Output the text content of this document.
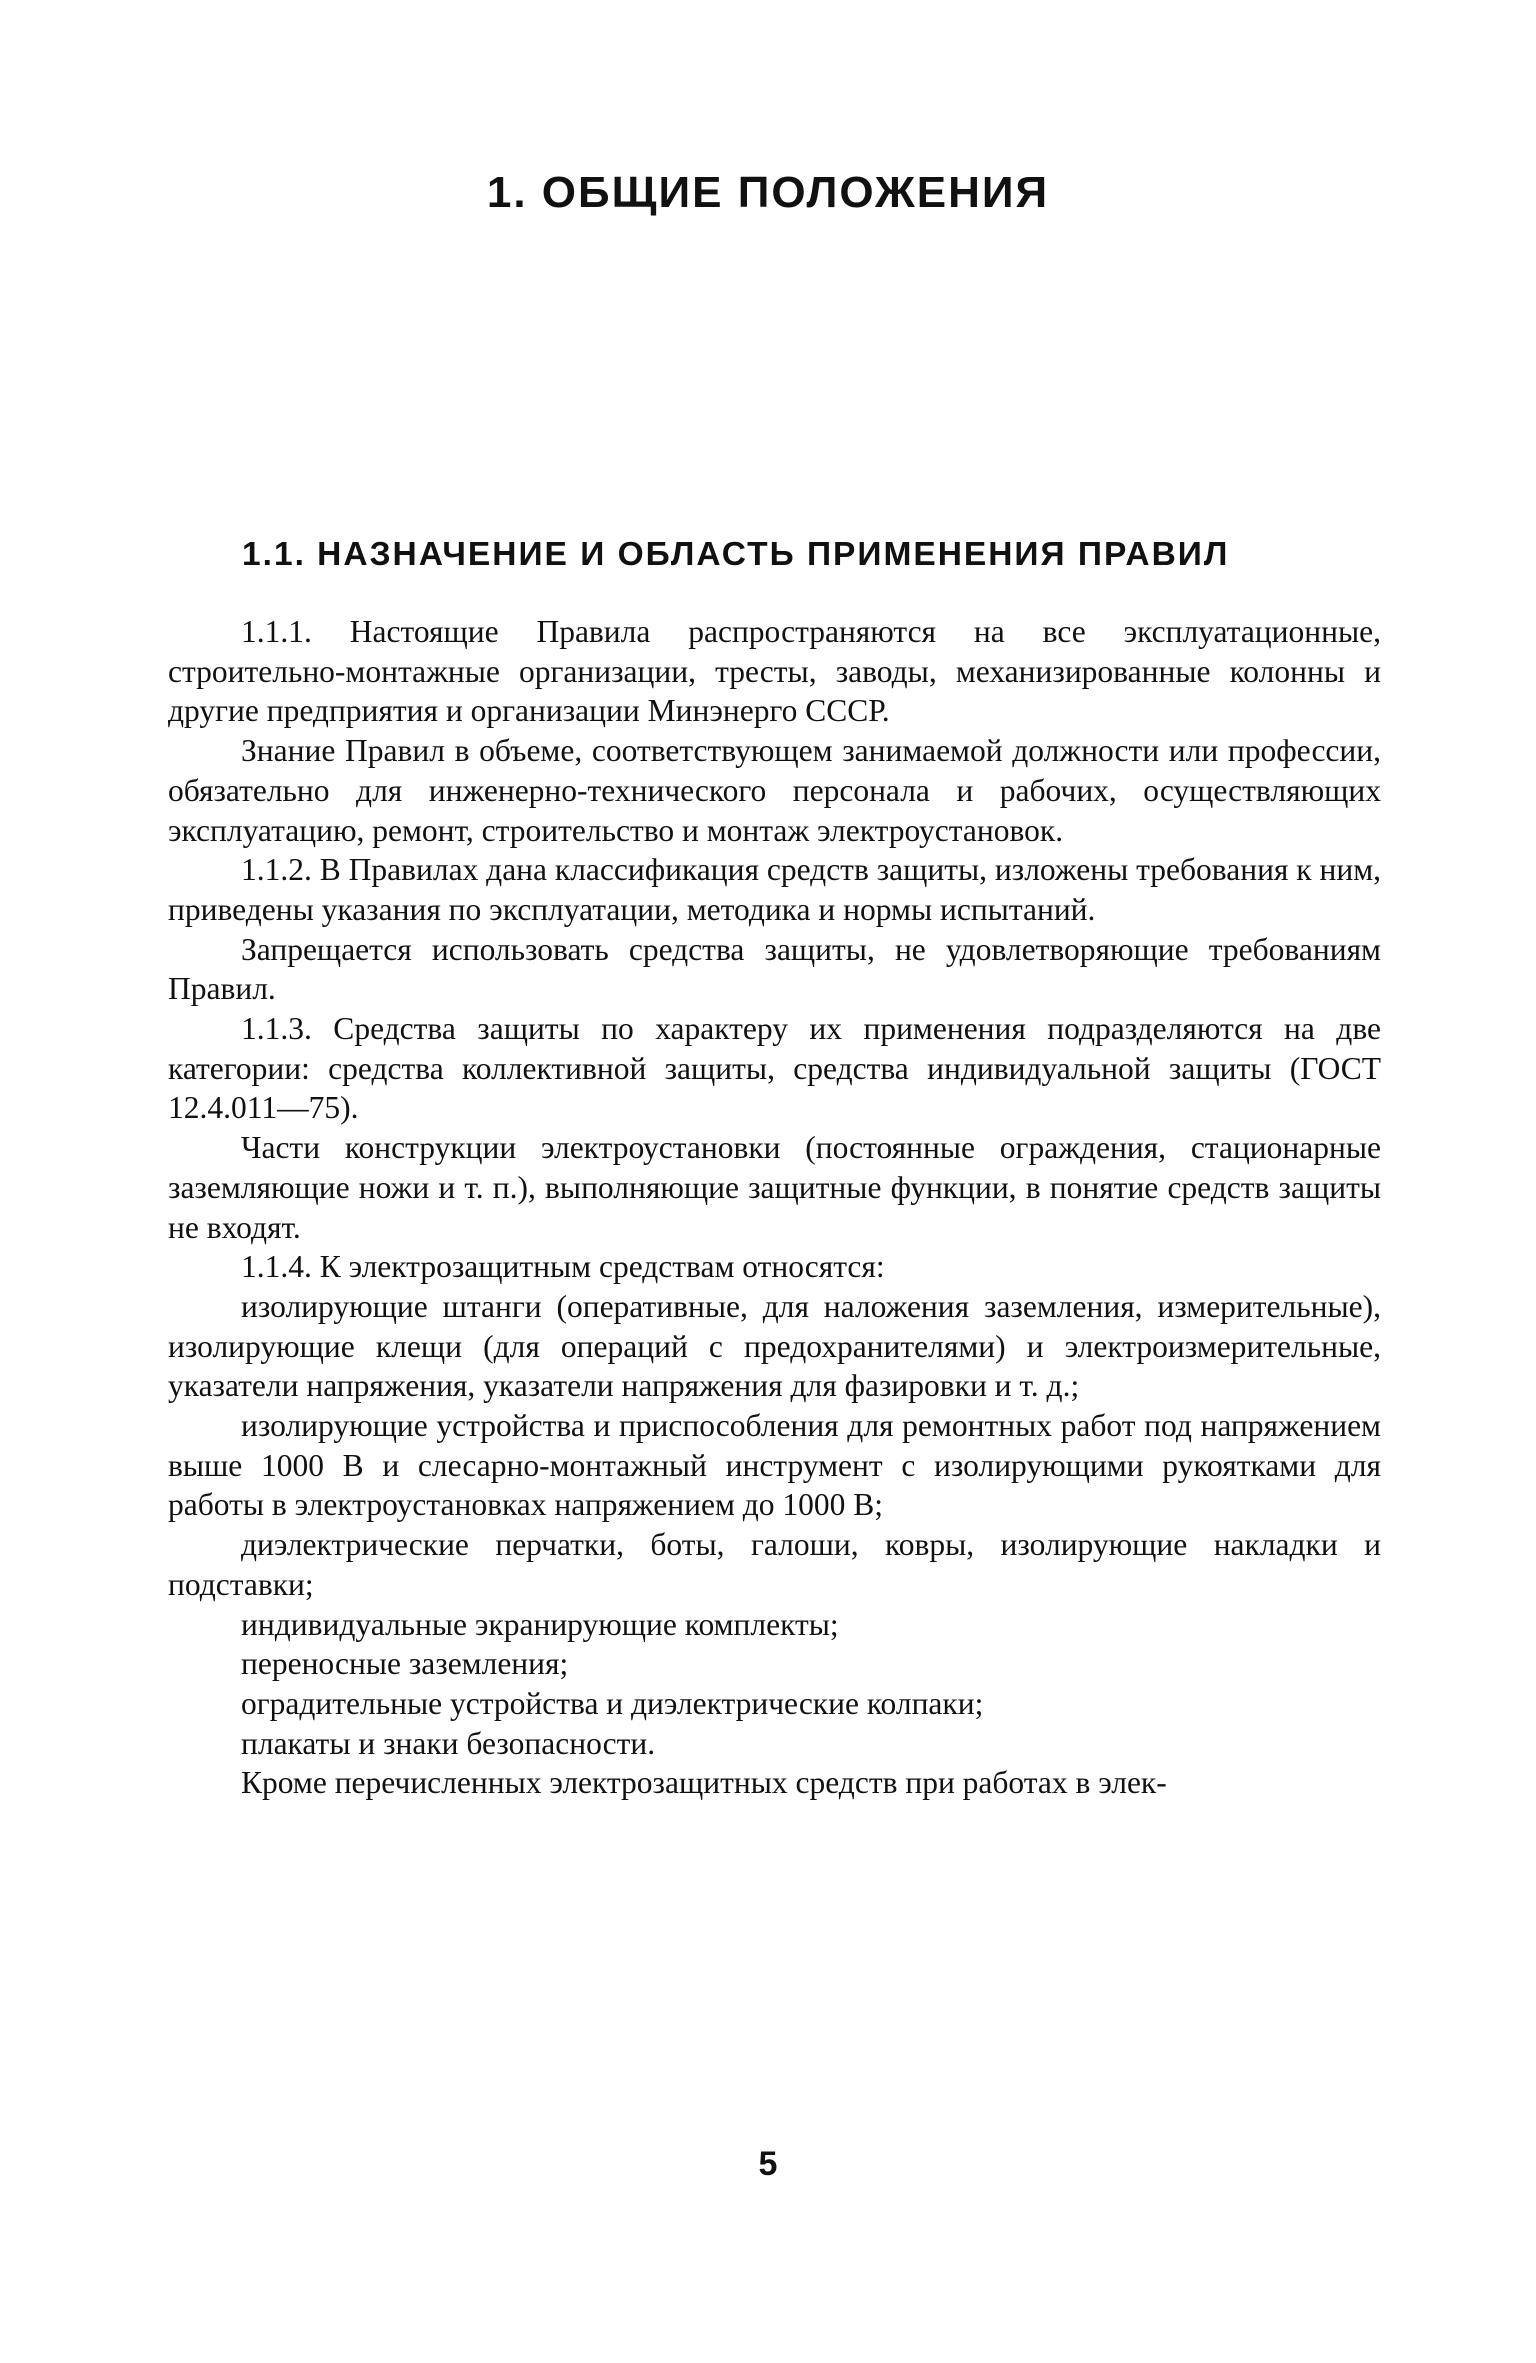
1. ОБЩИЕ ПОЛОЖЕНИЯ
1.1. НАЗНАЧЕНИЕ И ОБЛАСТЬ ПРИМЕНЕНИЯ ПРАВИЛ

1.1.1. Настоящие Правила распространяются на все эксплуатационные, строительно-монтажные организации, тресты, заводы, механизированные колонны и другие предприятия и организации Минэнерго СССР.

Знание Правил в объеме, соответствующем занимаемой должности или профессии, обязательно для инженерно-технического персонала и рабочих, осуществляющих эксплуатацию, ремонт, строительство и монтаж электроустановок.

1.1.2. В Правилах дана классификация средств защиты, изложены требования к ним, приведены указания по эксплуатации, методика и нормы испытаний.

Запрещается использовать средства защиты, не удовлетворяющие требованиям Правил.

1.1.3. Средства защиты по характеру их применения подразделяются на две категории: средства коллективной защиты, средства индивидуальной защиты (ГОСТ 12.4.011—75).

Части конструкции электроустановки (постоянные ограждения, стационарные заземляющие ножи и т. п.), выполняющие защитные функции, в понятие средств защиты не входят.

1.1.4. К электрозащитным средствам относятся:

изолирующие штанги (оперативные, для наложения заземления, измерительные), изолирующие клещи (для операций с предохранителями) и электроизмерительные, указатели напряжения, указатели напряжения для фазировки и т. д.;

изолирующие устройства и приспособления для ремонтных работ под напряжением выше 1000 В и слесарно-монтажный инструмент с изолирующими рукоятками для работы в электроустановках напряжением до 1000 В;

диэлектрические перчатки, боты, галоши, ковры, изолирующие накладки и подставки;

индивидуальные экранирующие комплекты;

переносные заземления;

оградительные устройства и диэлектрические колпаки;

плакаты и знаки безопасности.

Кроме перечисленных электрозащитных средств при работах в элек-

5
